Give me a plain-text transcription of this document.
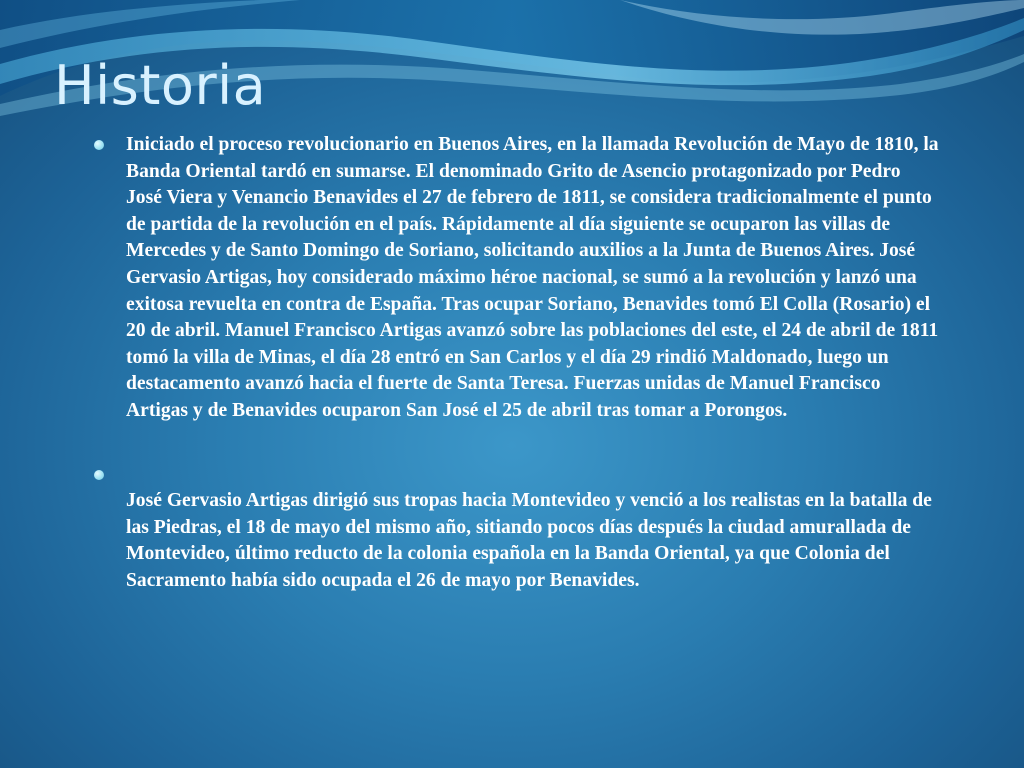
Historia
Iniciado el proceso revolucionario en Buenos Aires, en la llamada Revolución de Mayo de 1810, la Banda Oriental tardó en sumarse. El denominado Grito de Asencio protagonizado por Pedro José Viera y Venancio Benavides el 27 de febrero de 1811, se considera tradicionalmente el punto de partida de la revolución en el país. Rápidamente al día siguiente se ocuparon las villas de Mercedes y de Santo Domingo de Soriano, solicitando auxilios a la Junta de Buenos Aires. José Gervasio Artigas, hoy considerado máximo héroe nacional, se sumó a la revolución y lanzó una exitosa revuelta en contra de España. Tras ocupar Soriano, Benavides tomó El Colla (Rosario) el 20 de abril. Manuel Francisco Artigas avanzó sobre las poblaciones del este, el 24 de abril de 1811 tomó la villa de Minas, el día 28 entró en San Carlos y el día 29 rindió Maldonado, luego un destacamento avanzó hacia el fuerte de Santa Teresa. Fuerzas unidas de Manuel Francisco Artigas y de Benavides ocuparon San José el 25 de abril tras tomar a Porongos.
José Gervasio Artigas dirigió sus tropas hacia Montevideo y venció a los realistas en la batalla de las Piedras, el 18 de mayo del mismo año, sitiando pocos días después la ciudad amurallada de Montevideo, último reducto de la colonia española en la Banda Oriental, ya que Colonia del Sacramento había sido ocupada el 26 de mayo por Benavides.
